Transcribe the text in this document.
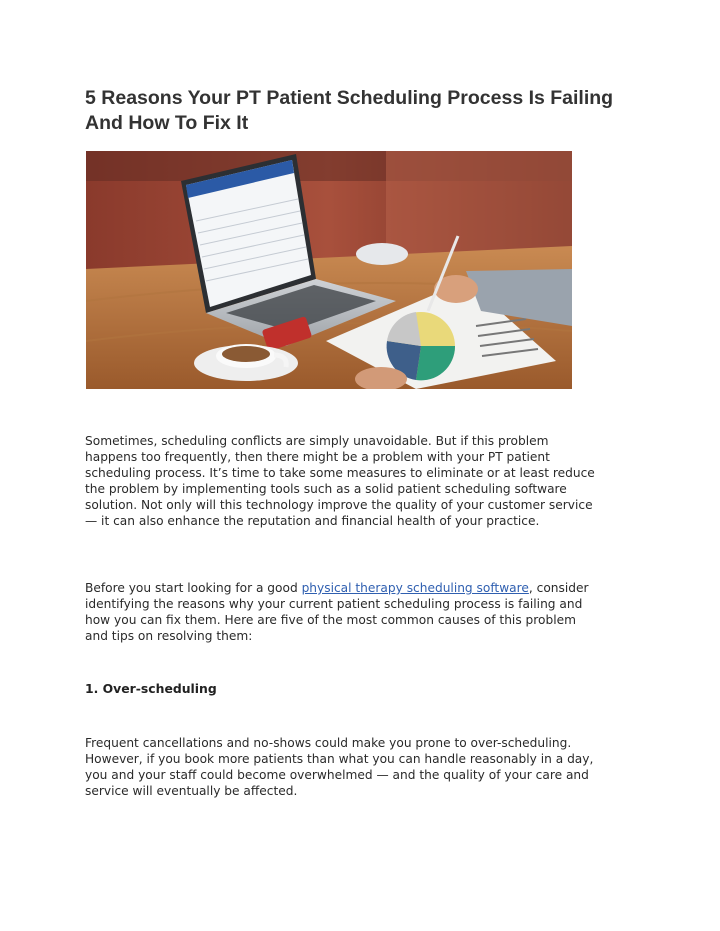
5 Reasons Your PT Patient Scheduling Process Is Failing And How To Fix It
Sometimes, scheduling conflicts are simply unavoidable. But if this problem happens too frequently, then there might be a problem with your PT patient scheduling process. It’s time to take some measures to eliminate or at least reduce the problem by implementing tools such as a solid patient scheduling software solution. Not only will this technology improve the quality of your customer service — it can also enhance the reputation and financial health of your practice.
Before you start looking for a good physical therapy scheduling software, consider identifying the reasons why your current patient scheduling process is failing and how you can fix them. Here are five of the most common causes of this problem and tips on resolving them:
1. Over-scheduling
Frequent cancellations and no-shows could make you prone to over-scheduling. However, if you book more patients than what you can handle reasonably in a day, you and your staff could become overwhelmed — and the quality of your care and service will eventually be affected.
